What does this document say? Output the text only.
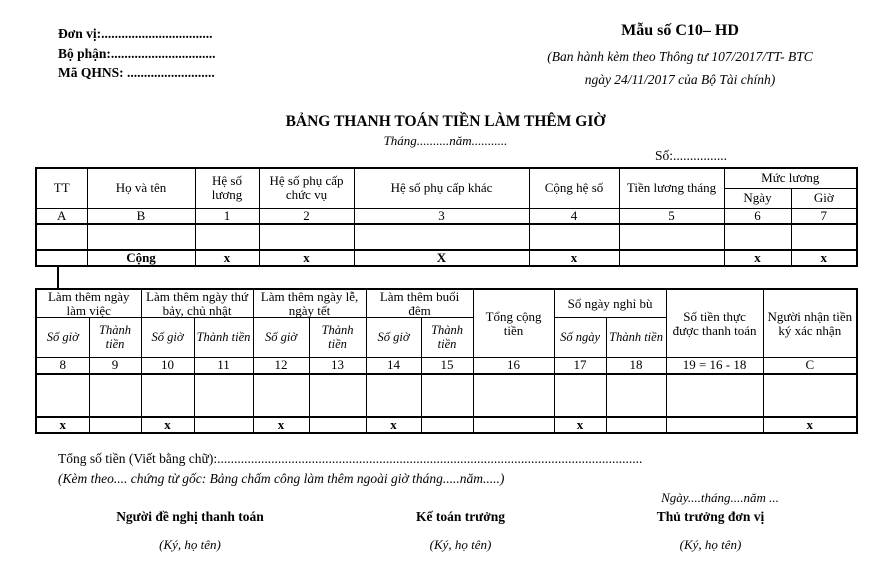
Đơn vị:.................................
Bộ phận:...............................
Mã QHNS: ..........................
Mẫu số C10– HD
(Ban hành kèm theo Thông tư 107/2017/TT- BTC
ngày 24/11/2017 của Bộ Tài chính)
BẢNG THANH TOÁN TIỀN LÀM THÊM GIỜ
Tháng..........năm...........
Số:................
TT	Họ và tên	Hệ số lương	Hệ số phụ cấp chức vụ	Hệ số phụ cấp khác	Cộng hệ số	Tiền lương tháng	Mức lương	
							Ngày	Giờ
A	B	1	2	3	4	5	6	7

	Cộng	x	x	X	x		x	x
Làm thêm ngày làm việc		Làm thêm ngày thứ bảy, chủ nhật		Làm thêm ngày lễ, ngày tết		Làm thêm buổi đêm		Tổng cộng tiền	Số ngày nghỉ bù		Số tiền thực được thanh toán	Người nhận tiền ký xác nhận
Số giờ	Thành tiền	Số giờ	Thành tiền	Số giờ	Thành tiền	Số giờ	Thành tiền		Số ngày	Thành tiền		
8	9	10	11	12	13	14	15	16	17	18	19 = 16 - 18	C

x		x		x		x			x			x
Tổng số tiền (Viết bằng chữ):..............................................................................................................................
(Kèm theo.... chứng từ gốc: Bảng chấm công làm thêm ngoài giờ tháng.....năm.....)
Ngày....tháng....năm ...
Người đề nghị thanh toán
(Ký, họ tên)
Kế toán trưởng
(Ký, họ tên)
Thủ trưởng đơn vị
(Ký, họ tên)
